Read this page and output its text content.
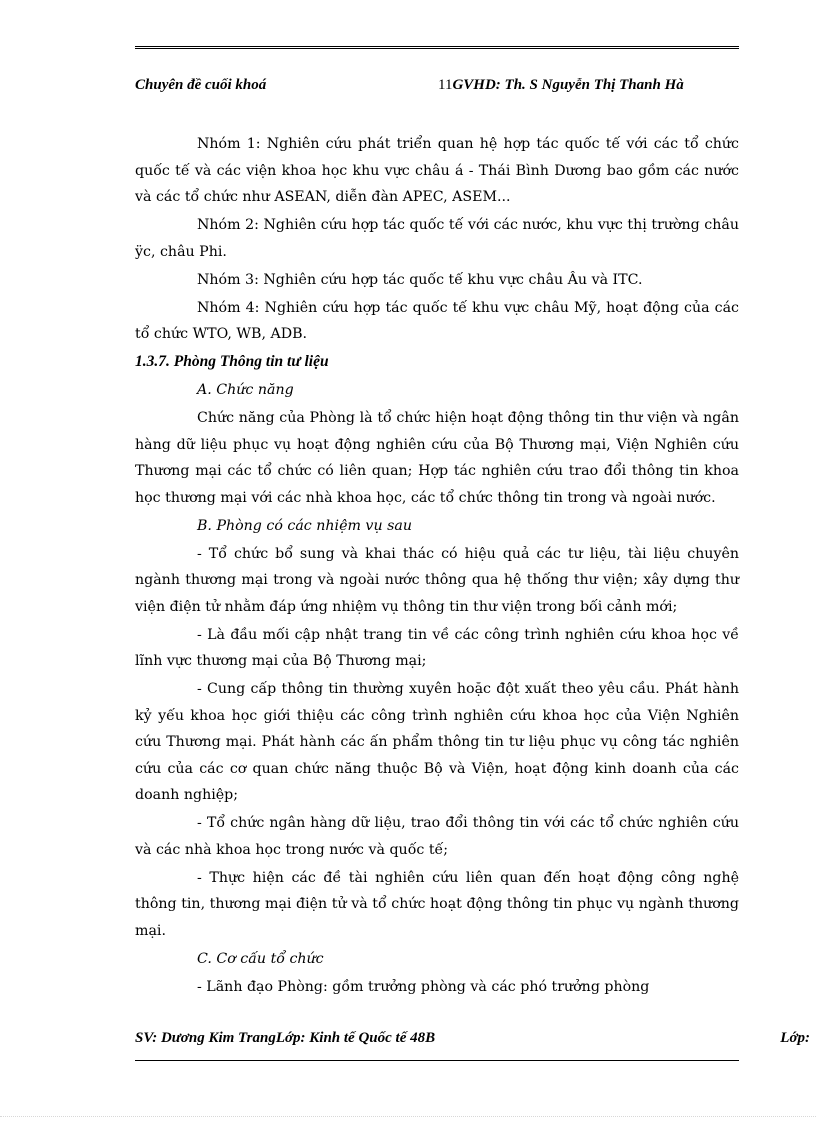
Chuyên đề cuối khoá	11GVHD: Th. S Nguyễn Thị Thanh Hà

Nhóm 1: Nghiên cứu phát triển quan hệ hợp tác quốc tế với các tổ chức quốc tế và các viện khoa học khu vực châu á - Thái Bình Dương bao gồm các nước và các tổ chức như ASEAN, diễn đàn APEC, ASEM...

Nhóm 2: Nghiên cứu hợp tác quốc tế với các nước, khu vực thị trường châu ÿc, châu Phi.

Nhóm 3: Nghiên cứu hợp tác quốc tế khu vực châu Âu và ITC.

Nhóm 4: Nghiên cứu hợp tác quốc tế khu vực châu Mỹ, hoạt động của các tổ chức WTO, WB, ADB.

1.3.7. Phòng Thông tin tư liệu

A. Chức năng

Chức năng của Phòng là tổ chức hiện hoạt động thông tin thư viện và ngân hàng dữ liệu phục vụ hoạt động nghiên cứu của Bộ Thương mại, Viện Nghiên cứu Thương mại các tổ chức có liên quan; Hợp tác nghiên cứu trao đổi thông tin khoa học thương mại với các nhà khoa học, các tổ chức thông tin trong và ngoài nước.

B. Phòng có các nhiệm vụ sau

- Tổ chức bổ sung và khai thác có hiệu quả các tư liệu, tài liệu chuyên ngành thương mại trong và ngoài nước thông qua hệ thống thư viện; xây dựng thư viện điện tử nhằm đáp ứng nhiệm vụ thông tin thư viện trong bối cảnh mới;

- Là đầu mối cập nhật trang tin về các công trình nghiên cứu khoa học về lĩnh vực thương mại của Bộ Thương mại;

- Cung cấp thông tin thường xuyên hoặc đột xuất theo yêu cầu. Phát hành kỷ yếu khoa học giới thiệu các công trình nghiên cứu khoa học của Viện Nghiên cứu Thương mại. Phát hành các ấn phẩm thông tin tư liệu phục vụ công tác nghiên cứu của các cơ quan chức năng thuộc Bộ và Viện, hoạt động kinh doanh của các doanh nghiệp;

- Tổ chức ngân hàng dữ liệu, trao đổi thông tin với các tổ chức nghiên cứu và các nhà khoa học trong nước và quốc tế;

- Thực hiện các đề tài nghiên cứu liên quan đến hoạt động công nghệ thông tin, thương mại điện tử và tổ chức hoạt động thông tin phục vụ ngành thương mại.

C. Cơ cấu tổ chức

- Lãnh đạo Phòng: gồm trưởng phòng và các phó trưởng phòng

SV: Dương Kim TrangLớp: Kinh tế Quốc tế 48B	Lớp:
